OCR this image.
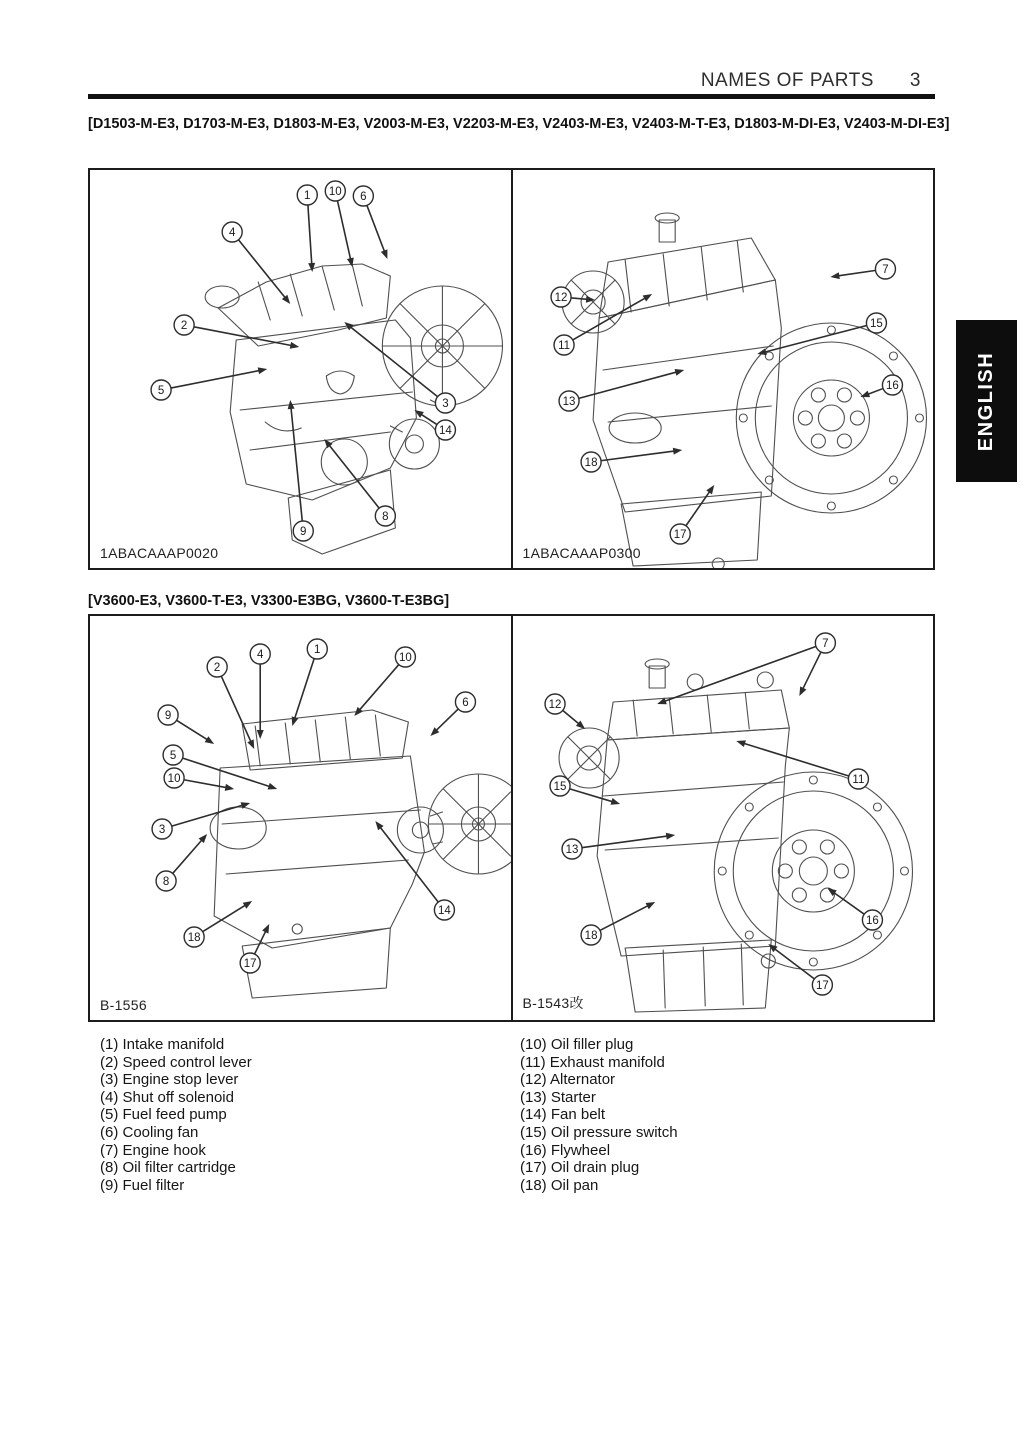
NAMES OF PARTS 3
[D1503-M-E3, D1703-M-E3, D1803-M-E3, V2003-M-E3, V2203-M-E3, V2403-M-E3, V2403-M-T-E3, D1803-M-DI-E3, V2403-M-DI-E3]
1 10 6
4
2
5
3
14
8
9
1ABACAAAP0020
7
12
11
15
13
16
18
17
1ABACAAAP0300
ENGLISH
[V3600-E3, V3600-T-E3, V3300-E3BG, V3600-T-E3BG]
2
4	1
10
9
6
5
10
3
8
18
17
14
B-1556
7
12
11
15
13
16
18
17
B-1543改
(1) Intake manifold
(2) Speed control lever
(3) Engine stop lever
(4) Shut off solenoid
(5) Fuel feed pump
(6) Cooling fan
(7) Engine hook
(8) Oil filter cartridge
(9) Fuel filter
(10) Oil filler plug
(11) Exhaust manifold
(12) Alternator
(13) Starter
(14) Fan belt
(15) Oil pressure switch
(16) Flywheel
(17) Oil drain plug
(18) Oil pan
